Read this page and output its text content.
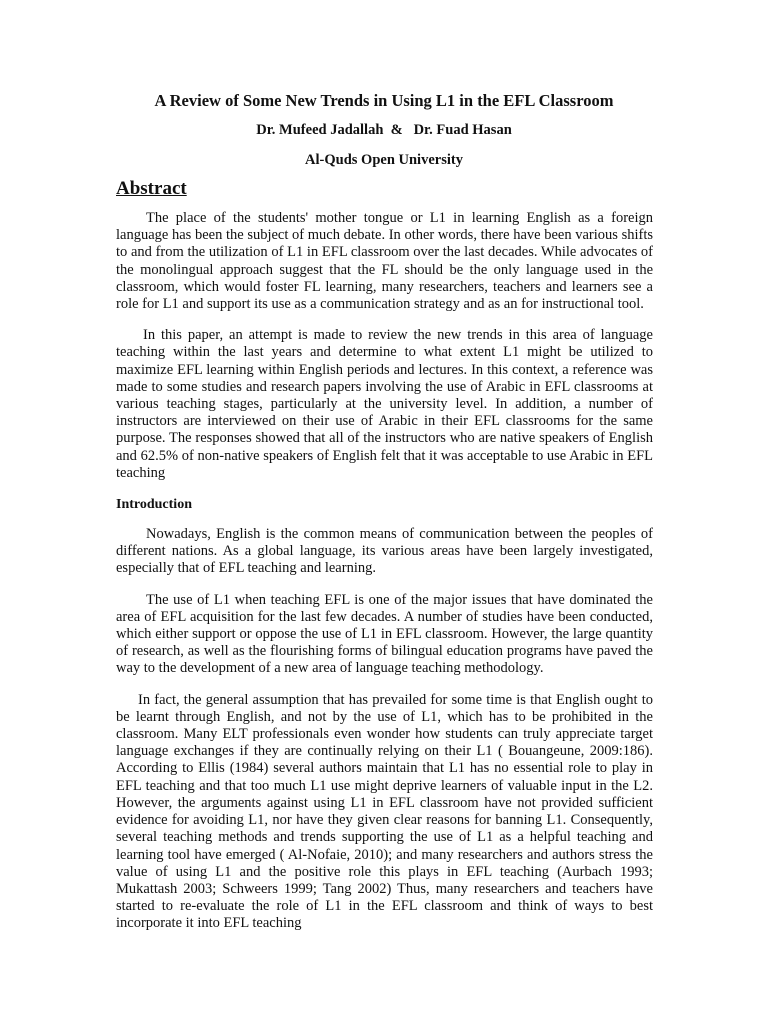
A Review of Some New Trends in Using L1 in the EFL Classroom

Dr. Mufeed Jadallah  &   Dr. Fuad Hasan

Al-Quds Open University

Abstract

The place of the students' mother tongue or L1 in learning English as a foreign language has been the subject of much debate. In other words, there have been various shifts to and from the utilization of L1 in EFL classroom over the last decades. While advocates of the monolingual approach suggest that the FL should be the only language used in the classroom, which would foster FL learning, many researchers, teachers and learners see a role for L1 and support its use as a communication strategy and as an for instructional tool.

In this paper, an attempt is made to review the new trends in this area of language teaching within the last years and determine to what extent L1 might be utilized to maximize EFL learning within English periods and lectures. In this context, a reference was made to some studies and research papers involving the use of Arabic in EFL classrooms at various teaching stages, particularly at the university level. In addition, a number of instructors are interviewed on their use of Arabic in their EFL classrooms for the same purpose. The responses showed that all of the instructors who are native speakers of English and 62.5% of non-native speakers of English felt that it was acceptable to use Arabic in EFL teaching

Introduction

Nowadays, English is the common means of communication between the peoples of different nations. As a global language, its various areas have been largely investigated, especially that of EFL teaching and learning.

The use of L1 when teaching EFL is one of the major issues that have dominated the area of EFL acquisition for the last few decades. A number of studies have been conducted, which either support or oppose the use of L1 in EFL classroom. However, the large quantity of research, as well as the flourishing forms of bilingual education programs have paved the way to the development of a new area of language teaching methodology.

In fact, the general assumption that has prevailed for some time is that English ought to be learnt through English, and not by the use of L1, which has to be prohibited in the classroom. Many ELT professionals even wonder how students can truly appreciate target language exchanges if they are continually relying on their L1 ( Bouangeune, 2009:186). According to Ellis (1984) several authors maintain that L1 has no essential role to play in EFL teaching and that too much L1 use might deprive learners of valuable input in the L2. However, the arguments against using L1 in EFL classroom have not provided sufficient evidence for avoiding L1, nor have they given clear reasons for banning L1. Consequently, several teaching methods and trends supporting the use of L1 as a helpful teaching and learning tool have emerged ( Al-Nofaie, 2010); and many researchers and authors stress the value of using L1 and the positive role this plays in EFL teaching (Aurbach 1993; Mukattash 2003; Schweers 1999; Tang 2002) Thus, many researchers and teachers have started to re-evaluate the role of L1 in the EFL classroom and think of ways to best incorporate it into EFL teaching
